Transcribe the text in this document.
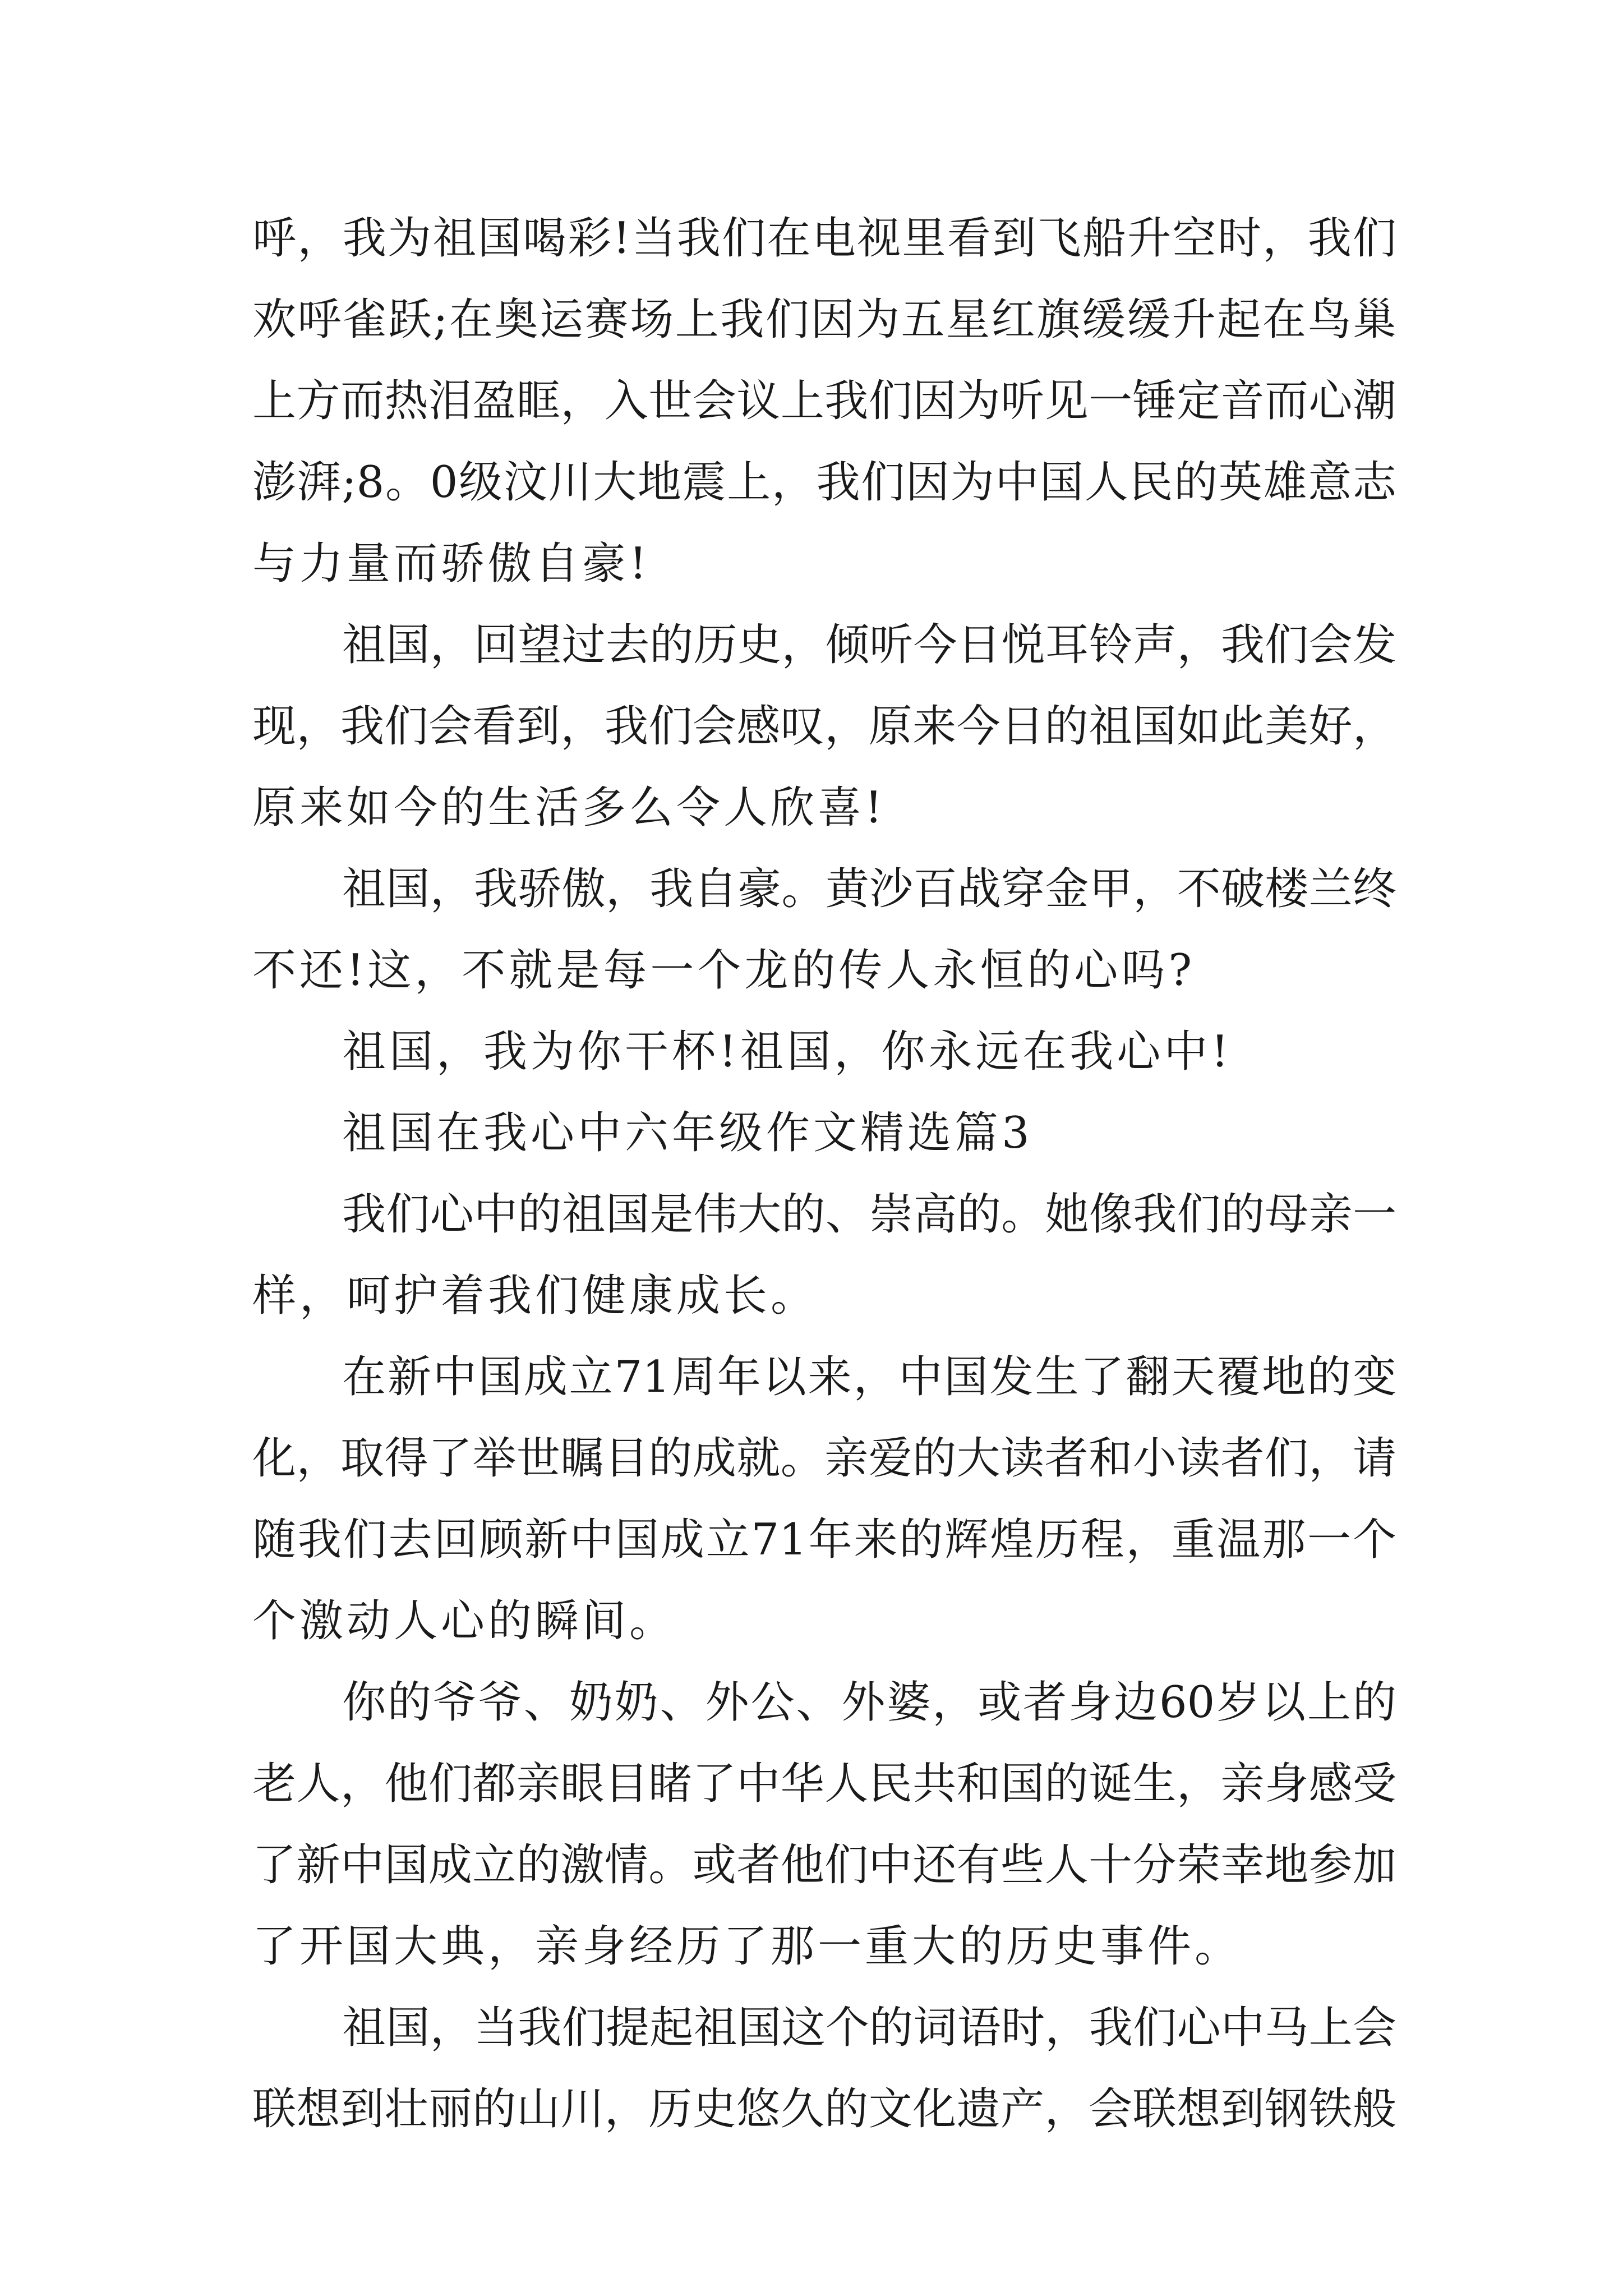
呼，我为祖国喝彩!当我们在电视里看到飞船升空时，我们

欢呼雀跃;在奥运赛场上我们因为五星红旗缓缓升起在鸟巢

上方而热泪盈眶，入世会议上我们因为听见一锤定音而心潮

澎湃;8。0级汶川大地震上，我们因为中国人民的英雄意志

与力量而骄傲自豪!

祖国，回望过去的历史，倾听今日悦耳铃声，我们会发

现，我们会看到，我们会感叹，原来今日的祖国如此美好，

原来如今的生活多么令人欣喜!

祖国，我骄傲，我自豪。黄沙百战穿金甲，不破楼兰终

不还!这，不就是每一个龙的传人永恒的心吗?

祖国，我为你干杯!祖国，你永远在我心中!

祖国在我心中六年级作文精选篇3

我们心中的祖国是伟大的、崇高的。她像我们的母亲一

样，呵护着我们健康成长。

在新中国成立71周年以来，中国发生了翻天覆地的变

化，取得了举世瞩目的成就。亲爱的大读者和小读者们，请

随我们去回顾新中国成立71年来的辉煌历程，重温那一个

个激动人心的瞬间。

你的爷爷、奶奶、外公、外婆，或者身边60岁以上的

老人，他们都亲眼目睹了中华人民共和国的诞生，亲身感受

了新中国成立的激情。或者他们中还有些人十分荣幸地参加

了开国大典，亲身经历了那一重大的历史事件。

祖国，当我们提起祖国这个的词语时，我们心中马上会

联想到壮丽的山川，历史悠久的文化遗产，会联想到钢铁般
